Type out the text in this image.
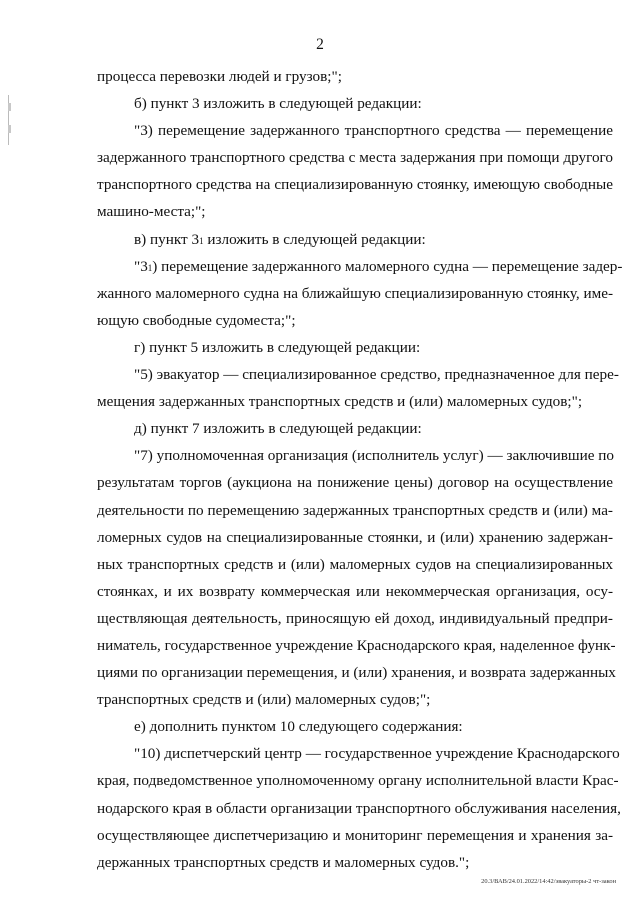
2
процесса перевозки людей и грузов;";
б) пункт 3 изложить в следующей редакции:
"3) перемещение задержанного транспортного средства — перемещение
задержанного транспортного средства с места задержания при помощи другого
транспортного средства на специализированную стоянку, имеющую свободные
машино-места;";
в) пункт 3 1
изложить в следующей редакции:
"3 1 ) перемещение задержанного маломерного судна — перемещение задер-
жанного маломерного судна на ближайшую специализированную стоянку, име-
ющую свободные судоместа;";
г) пункт 5 изложить в следующей редакции:
"5) эвакуатор — специализированное средство, предназначенное для пере-
мещения задержанных транспортных средств и (или) маломерных судов;";
д) пункт 7 изложить в следующей редакции:
"7) уполномоченная организация (исполнитель услуг) — заключившие по
результатам торгов (аукциона на понижение цены) договор на осуществление
деятельности по перемещению задержанных транспортных средств и (или) ма-
ломерных судов на специализированные стоянки, и (или) хранению задержан-
ных транспортных средств и (или) маломерных судов на специализированных
стоянках, и их возврату коммерческая или некоммерческая организация, осу-
ществляющая деятельность, приносящую ей доход, индивидуальный предпри-
ниматель, государственное учреждение Краснодарского края, наделенное функ-
циями по организации перемещения, и (или) хранения, и возврата задержанных
транспортных средств и (или) маломерных судов;";
е) дополнить пунктом 10 следующего содержания:
"10) диспетчерский центр — государственное учреждение Краснодарского
края, подведомственное уполномоченному органу исполнительной власти Крас-
нодарского края в области организации транспортного обслуживания населения,
осуществляющее диспетчеризацию и мониторинг перемещения и хранения за-
держанных транспортных средств и маломерных судов.";
20.3/ВАВ/24.01.2022/14:42/эвакуаторы-2 чт-закон
